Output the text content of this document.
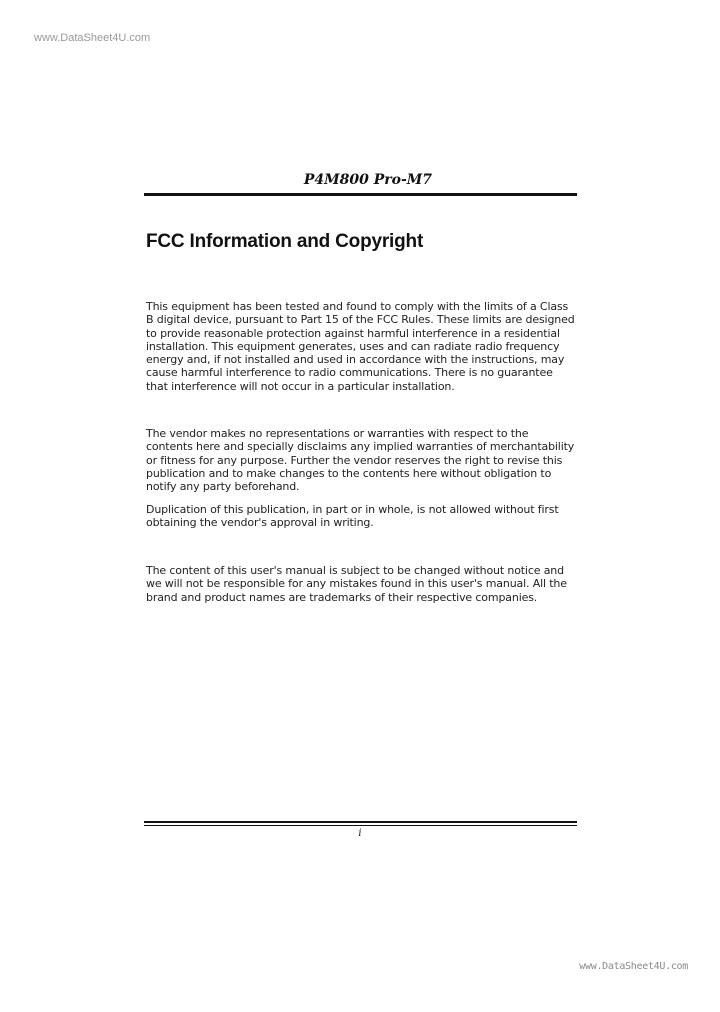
www.DataSheet4U.com
P4M800 Pro-M7
FCC Information and Copyright
This equipment has been tested and found to comply with the limits of a Class
B digital device, pursuant to Part 15 of the FCC Rules. These limits are designed
to provide reasonable protection against harmful interference in a residential
installation. This equipment generates, uses and can radiate radio frequency
energy and, if not installed and used in accordance with the instructions, may
cause harmful interference to radio communications. There is no guarantee
that interference will not occur in a particular installation.
The vendor makes no representations or warranties with respect to the
contents here and specially disclaims any implied warranties of merchantability
or fitness for any purpose. Further the vendor reserves the right to revise this
publication and to make changes to the contents here without obligation to
notify any party beforehand.
Duplication of this publication, in part or in whole, is not allowed without first
obtaining the vendor's approval in writing.
The content of this user's manual is subject to be changed without notice and
we will not be responsible for any mistakes found in this user's manual. All the
brand and product names are trademarks of their respective companies.
i
www.DataSheet4U.com
